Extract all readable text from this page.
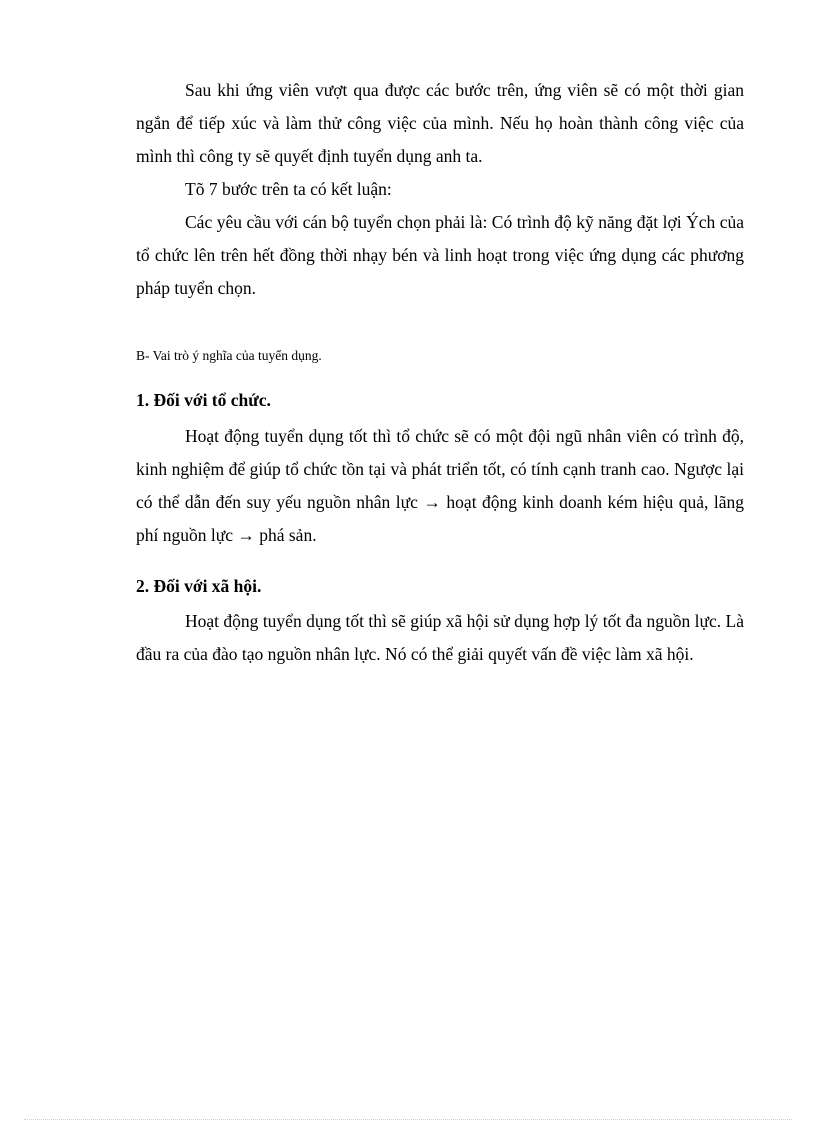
Sau khi ứng viên vượt qua được các bước trên, ứng viên sẽ có một thời gian ngắn để tiếp xúc và làm thử công việc của mình. Nếu họ hoàn thành công việc của mình thì công ty sẽ quyết định tuyển dụng anh ta.

Tõ 7 bước trên ta có kết luận:

Các yêu cầu với cán bộ tuyển chọn phải là: Có trình độ kỹ năng đặt lợi Ých của tổ chức lên trên hết đồng thời nhạy bén và linh hoạt trong việc ứng dụng các phương pháp tuyển chọn.

B- Vai trò ý nghĩa của tuyển dụng.

1. Đối với tổ chức.

Hoạt động tuyển dụng tốt thì tổ chức sẽ có một đội ngũ nhân viên có trình độ, kinh nghiệm để giúp tổ chức tồn tại và phát triển tốt, có tính cạnh tranh cao. Ngược lại có thể dẫn đến suy yếu nguồn nhân lực → hoạt động kinh doanh kém hiệu quả, lãng phí nguồn lực → phá sản.

2. Đối với xã hội.

Hoạt động tuyển dụng tốt thì sẽ giúp xã hội sử dụng hợp lý tốt đa nguồn lực. Là đầu ra của đào tạo nguồn nhân lực. Nó có thể giải quyết vấn đề việc làm xã hội.
